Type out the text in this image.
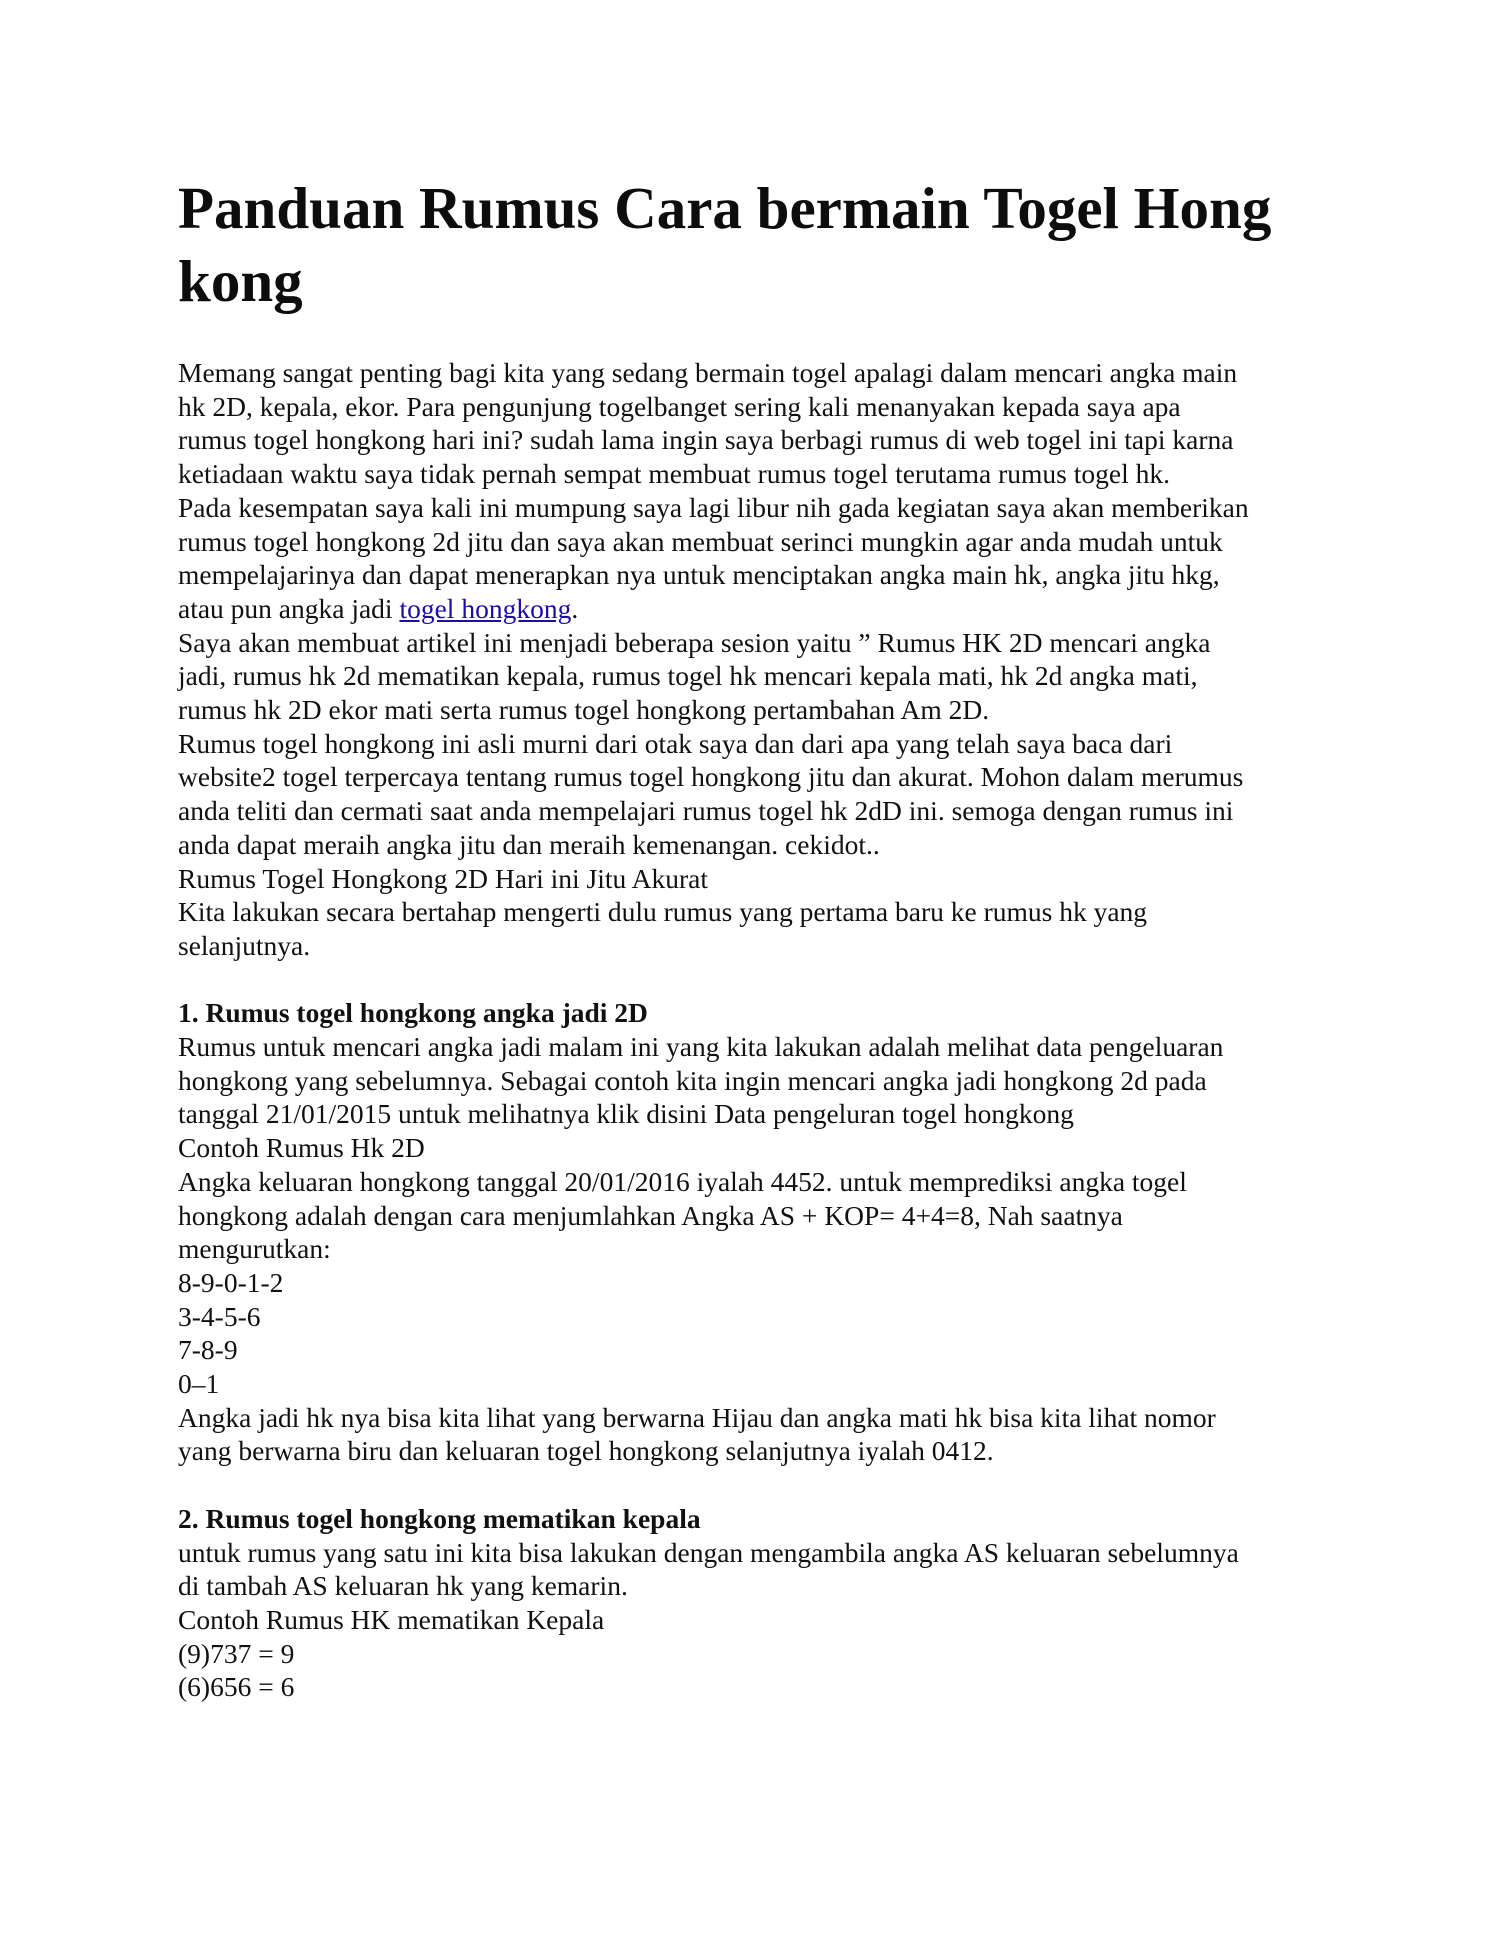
Panduan Rumus Cara bermain Togel Hong kong

Memang sangat penting bagi kita yang sedang bermain togel apalagi dalam mencari angka main

hk 2D, kepala, ekor. Para pengunjung togelbanget sering kali menanyakan kepada saya apa

rumus togel hongkong hari ini? sudah lama ingin saya berbagi rumus di web togel ini tapi karna

ketiadaan waktu saya tidak pernah sempat membuat rumus togel terutama rumus togel hk.

Pada kesempatan saya kali ini mumpung saya lagi libur nih gada kegiatan saya akan memberikan

rumus togel hongkong 2d jitu dan saya akan membuat serinci mungkin agar anda mudah untuk

mempelajarinya dan dapat menerapkan nya untuk menciptakan angka main hk, angka jitu hkg,

atau pun angka jadi togel hongkong.

Saya akan membuat artikel ini menjadi beberapa sesion yaitu ” Rumus HK 2D mencari angka

jadi, rumus hk 2d mematikan kepala, rumus togel hk mencari kepala mati, hk 2d angka mati,

rumus hk 2D ekor mati serta rumus togel hongkong pertambahan Am 2D.

Rumus togel hongkong ini asli murni dari otak saya dan dari apa yang telah saya baca dari

website2 togel terpercaya tentang rumus togel hongkong jitu dan akurat. Mohon dalam merumus

anda teliti dan cermati saat anda mempelajari rumus togel hk 2dD ini. semoga dengan rumus ini

anda dapat meraih angka jitu dan meraih kemenangan. cekidot..

Rumus Togel Hongkong 2D Hari ini Jitu Akurat

Kita lakukan secara bertahap mengerti dulu rumus yang pertama baru ke rumus hk yang

selanjutnya.

1. Rumus togel hongkong angka jadi 2D

Rumus untuk mencari angka jadi malam ini yang kita lakukan adalah melihat data pengeluaran

hongkong yang sebelumnya. Sebagai contoh kita ingin mencari angka jadi hongkong 2d pada

tanggal 21/01/2015 untuk melihatnya klik disini Data pengeluran togel hongkong

Contoh Rumus Hk 2D

Angka keluaran hongkong tanggal 20/01/2016 iyalah 4452. untuk memprediksi angka togel

hongkong adalah dengan cara menjumlahkan Angka AS + KOP= 4+4=8, Nah saatnya

mengurutkan:

8-9-0-1-2

3-4-5-6

7-8-9

0–1

Angka jadi hk nya bisa kita lihat yang berwarna Hijau dan angka mati hk bisa kita lihat nomor

yang berwarna biru dan keluaran togel hongkong selanjutnya iyalah 0412.

2. Rumus togel hongkong mematikan kepala

untuk rumus yang satu ini kita bisa lakukan dengan mengambila angka AS keluaran sebelumnya

di tambah AS keluaran hk yang kemarin.

Contoh Rumus HK mematikan Kepala

(9)737 = 9

(6)656 = 6
